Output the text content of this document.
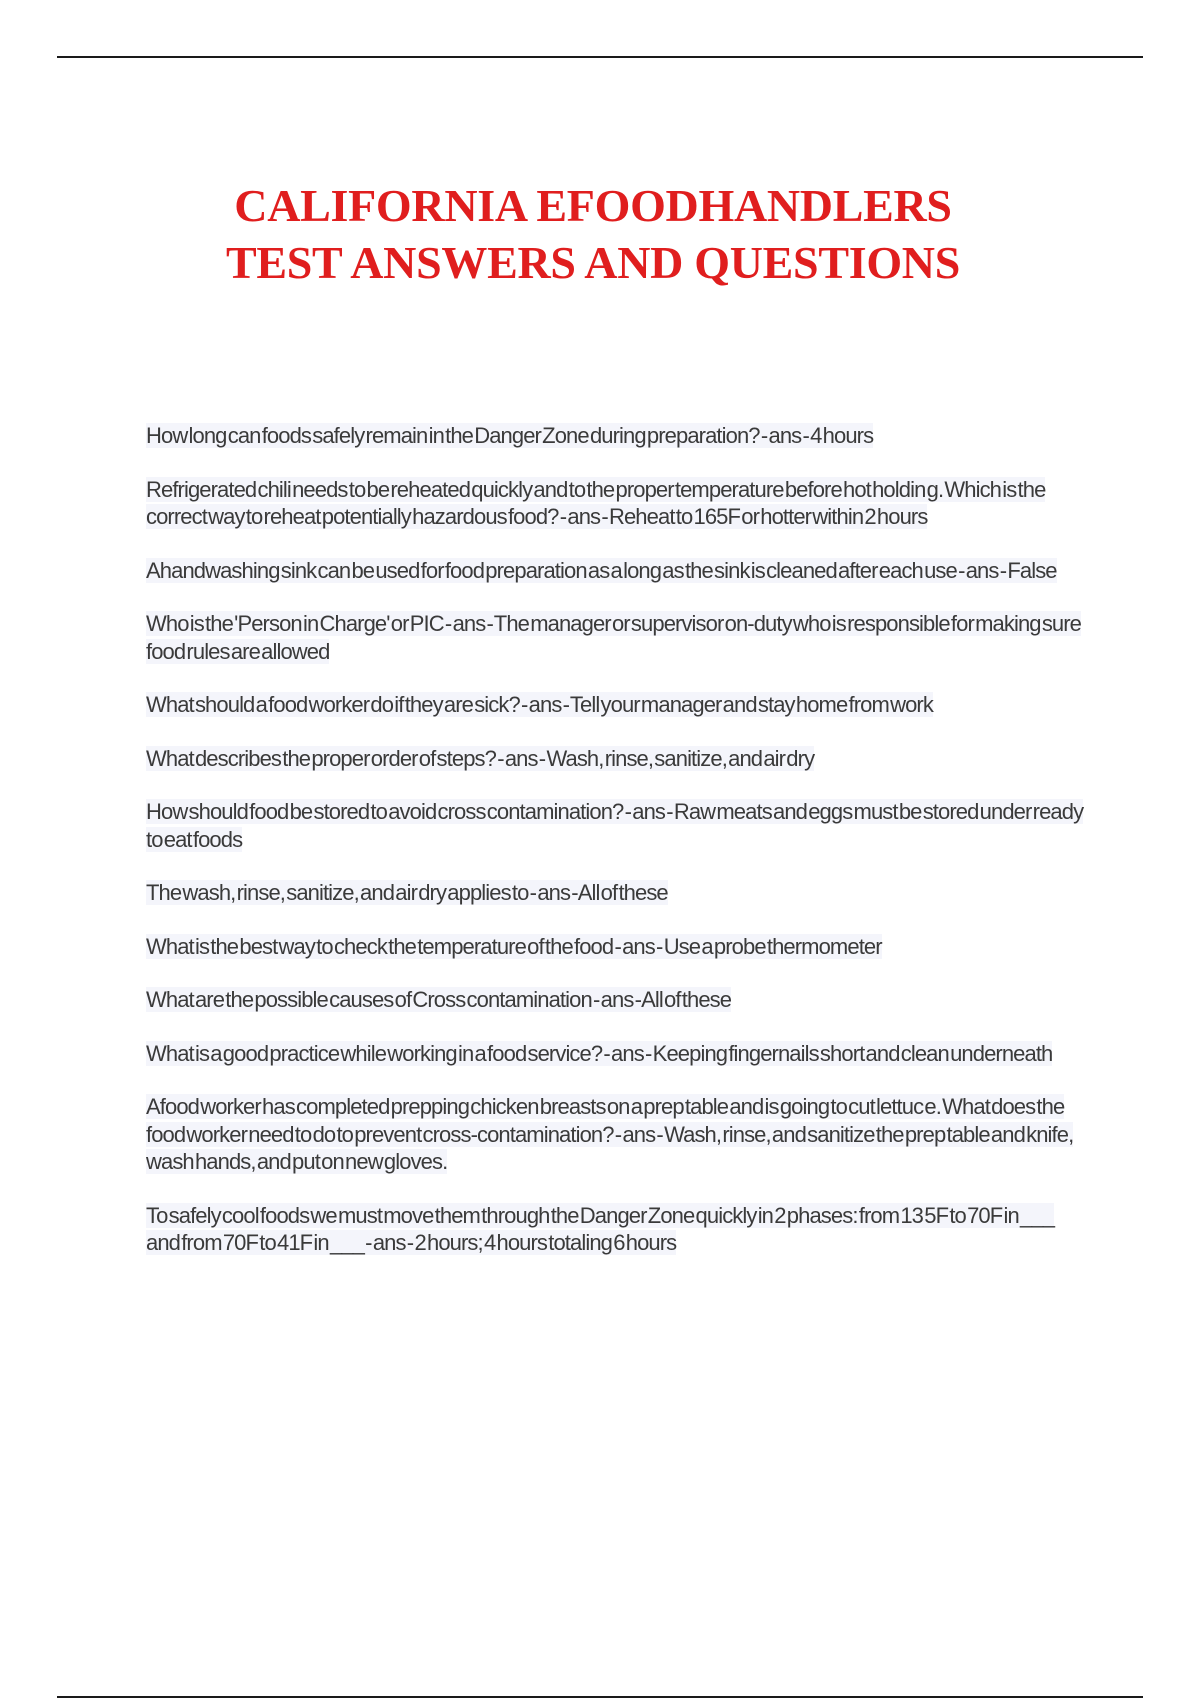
CALIFORNIA EFOODHANDLERS
TEST ANSWERS AND QUESTIONS

How long can foods safely remain in the Danger Zone during preparation? - ans - 4 hours

Refrigerated chili needs to be reheated quickly and to the proper temperature before hot holdin g. Which is the correct way to reheat potentially hazardous food? - ans - Reheat to 165F or hotter within 2 hours

A handwashing sink can be used for food preparation as a long as the sink is cleaned after each use - ans - False

Who is the 'Person in Charge' or PIC - ans - The manager or supervisor on-duty who is responsible for making sure food rules are allowed

What should a food worker do if they are sick? - ans - Tell your manager and stay home from work

What describes the proper order of steps? - ans - Wash, rinse, sanitize, and air dry

How should food be stored to avoid cross contamination? - ans - Raw meats and eggs must be stored under ready to eat foods

The wash, rinse, sanitize, and air dry applies to - ans - All of these

What is the best way to check the temperature of the food - ans - Use a probe thermometer

What are the possible causes of Cross contamination - ans - All of these

What is a good practice while working in a food service? - ans - Keeping fingernails short and clean underneath

A food worker has completed prepping chicken breasts on a prep table and is going to cut lettuc e. What does the food worker need to do to prevent cross-contamination? - ans - Wash, rinse, and sanitize the prep table and knife, wash hands, and put on new gloves.

To safely cool foods we must move them through the Danger Zone quickly in 2 phases: from 13 5F to 70F in ___ and from 70F to 41F in ___ - ans - 2 hours; 4 hours totaling 6 hours
